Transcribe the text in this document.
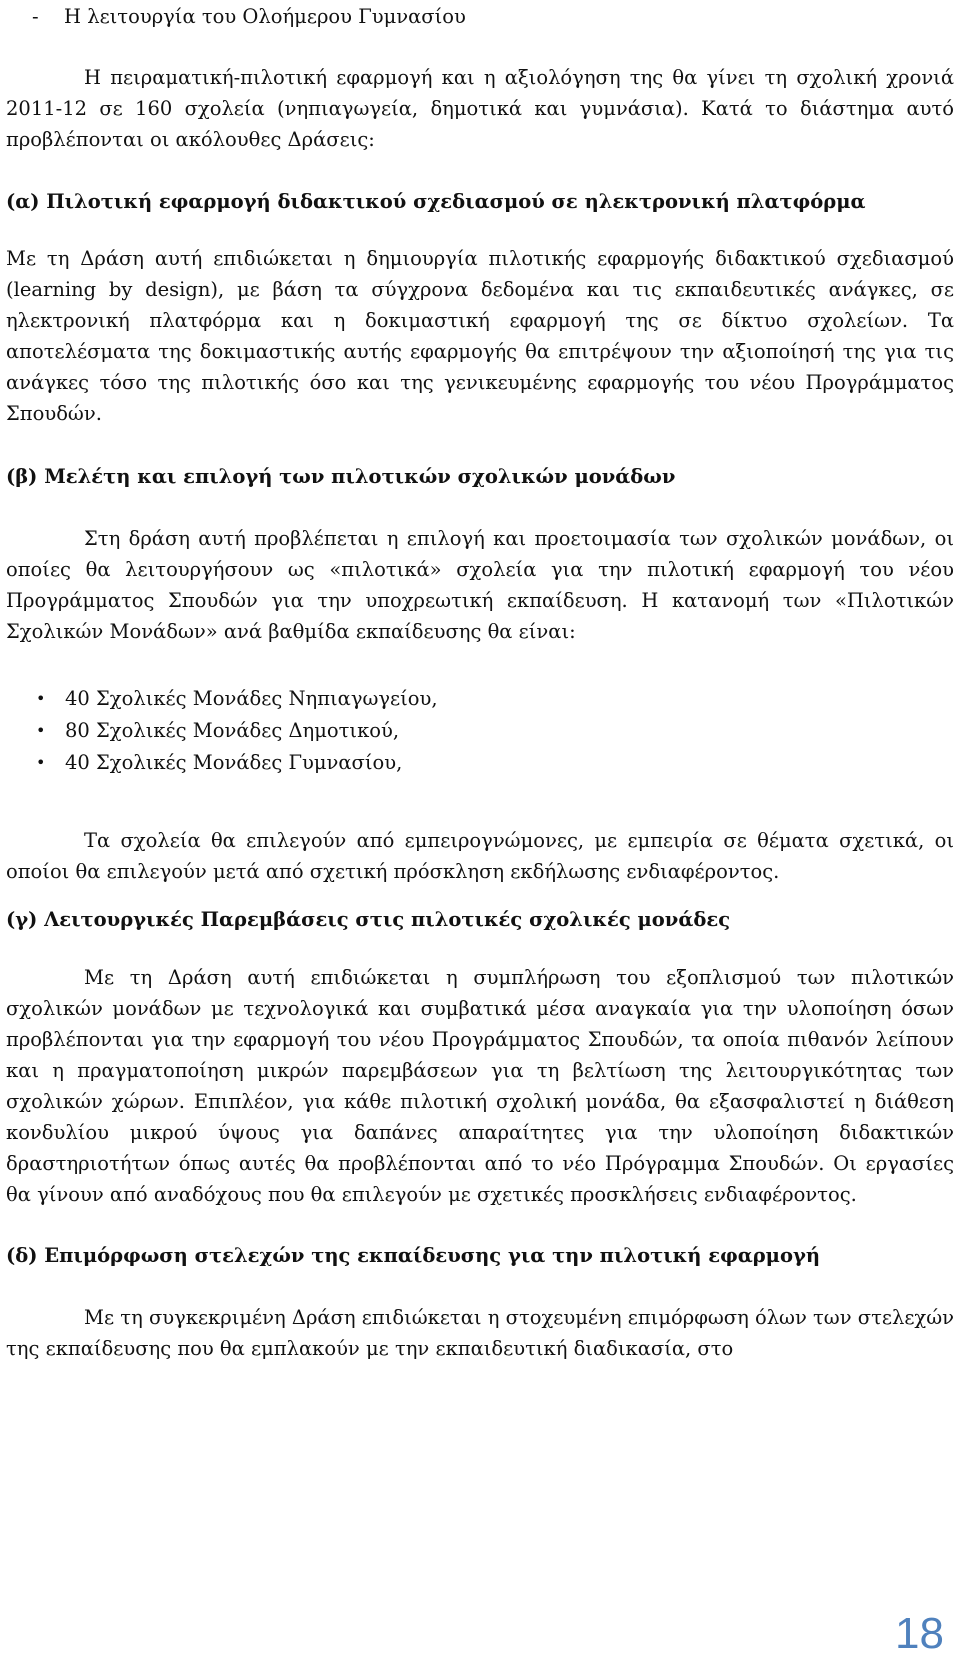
- Η λειτουργία του Ολοήμερου Γυμνασίου

Η πειραματική-πιλοτική εφαρμογή και η αξιολόγηση της θα γίνει τη σχολική χρονιά 2011-12 σε 160 σχολεία (νηπιαγωγεία, δημοτικά και γυμνάσια). Κατά το διάστημα αυτό προβλέπονται οι ακόλουθες Δράσεις:

(α) Πιλοτική εφαρμογή διδακτικού σχεδιασμού σε ηλεκτρονική πλατφόρμα

Με τη Δράση αυτή επιδιώκεται η δημιουργία πιλοτικής εφαρμογής διδακτικού σχεδιασμού (learning by design), με βάση τα σύγχρονα δεδομένα και τις εκπαιδευτικές ανάγκες, σε ηλεκτρονική πλατφόρμα και η δοκιμαστική εφαρμογή της σε δίκτυο σχολείων. Τα αποτελέσματα της δοκιμαστικής αυτής εφαρμογής θα επιτρέψουν την αξιοποίησή της για τις ανάγκες τόσο της πιλοτικής όσο και της γενικευμένης εφαρμογής του νέου Προγράμματος Σπουδών.

(β) Μελέτη και επιλογή των πιλοτικών σχολικών μονάδων

Στη δράση αυτή προβλέπεται η επιλογή και προετοιμασία των σχολικών μονάδων, οι οποίες θα λειτουργήσουν ως «πιλοτικά» σχολεία για την πιλοτική εφαρμογή του νέου Προγράμματος Σπουδών για την υποχρεωτική εκπαίδευση. Η κατανομή των «Πιλοτικών Σχολικών Μονάδων» ανά βαθμίδα εκπαίδευσης θα είναι:

• 40 Σχολικές Μονάδες Νηπιαγωγείου,
• 80 Σχολικές Μονάδες Δημοτικού,
• 40 Σχολικές Μονάδες Γυμνασίου,

Τα σχολεία θα επιλεγούν από εμπειρογνώμονες, με εμπειρία σε θέματα σχετικά, οι οποίοι θα επιλεγούν μετά από σχετική πρόσκληση εκδήλωσης ενδιαφέροντος.

(γ) Λειτουργικές Παρεμβάσεις στις πιλοτικές σχολικές μονάδες

Με τη Δράση αυτή επιδιώκεται η συμπλήρωση του εξοπλισμού των πιλοτικών σχολικών μονάδων με τεχνολογικά και συμβατικά μέσα αναγκαία για την υλοποίηση όσων προβλέπονται για την εφαρμογή του νέου Προγράμματος Σπουδών, τα οποία πιθανόν λείπουν και η πραγματοποίηση μικρών παρεμβάσεων για τη βελτίωση της λειτουργικότητας των σχολικών χώρων. Επιπλέον, για κάθε πιλοτική σχολική μονάδα, θα εξασφαλιστεί η διάθεση κονδυλίου μικρού ύψους για δαπάνες απαραίτητες για την υλοποίηση διδακτικών δραστηριοτήτων όπως αυτές θα προβλέπονται από το νέο Πρόγραμμα Σπουδών. Οι εργασίες θα γίνουν από αναδόχους που θα επιλεγούν με σχετικές προσκλήσεις ενδιαφέροντος.

(δ) Επιμόρφωση στελεχών της εκπαίδευσης για την πιλοτική εφαρμογή

Με τη συγκεκριμένη Δράση επιδιώκεται η στοχευμένη επιμόρφωση όλων των στελεχών της εκπαίδευσης που θα εμπλακούν με την εκπαιδευτική διαδικασία, στο

18
